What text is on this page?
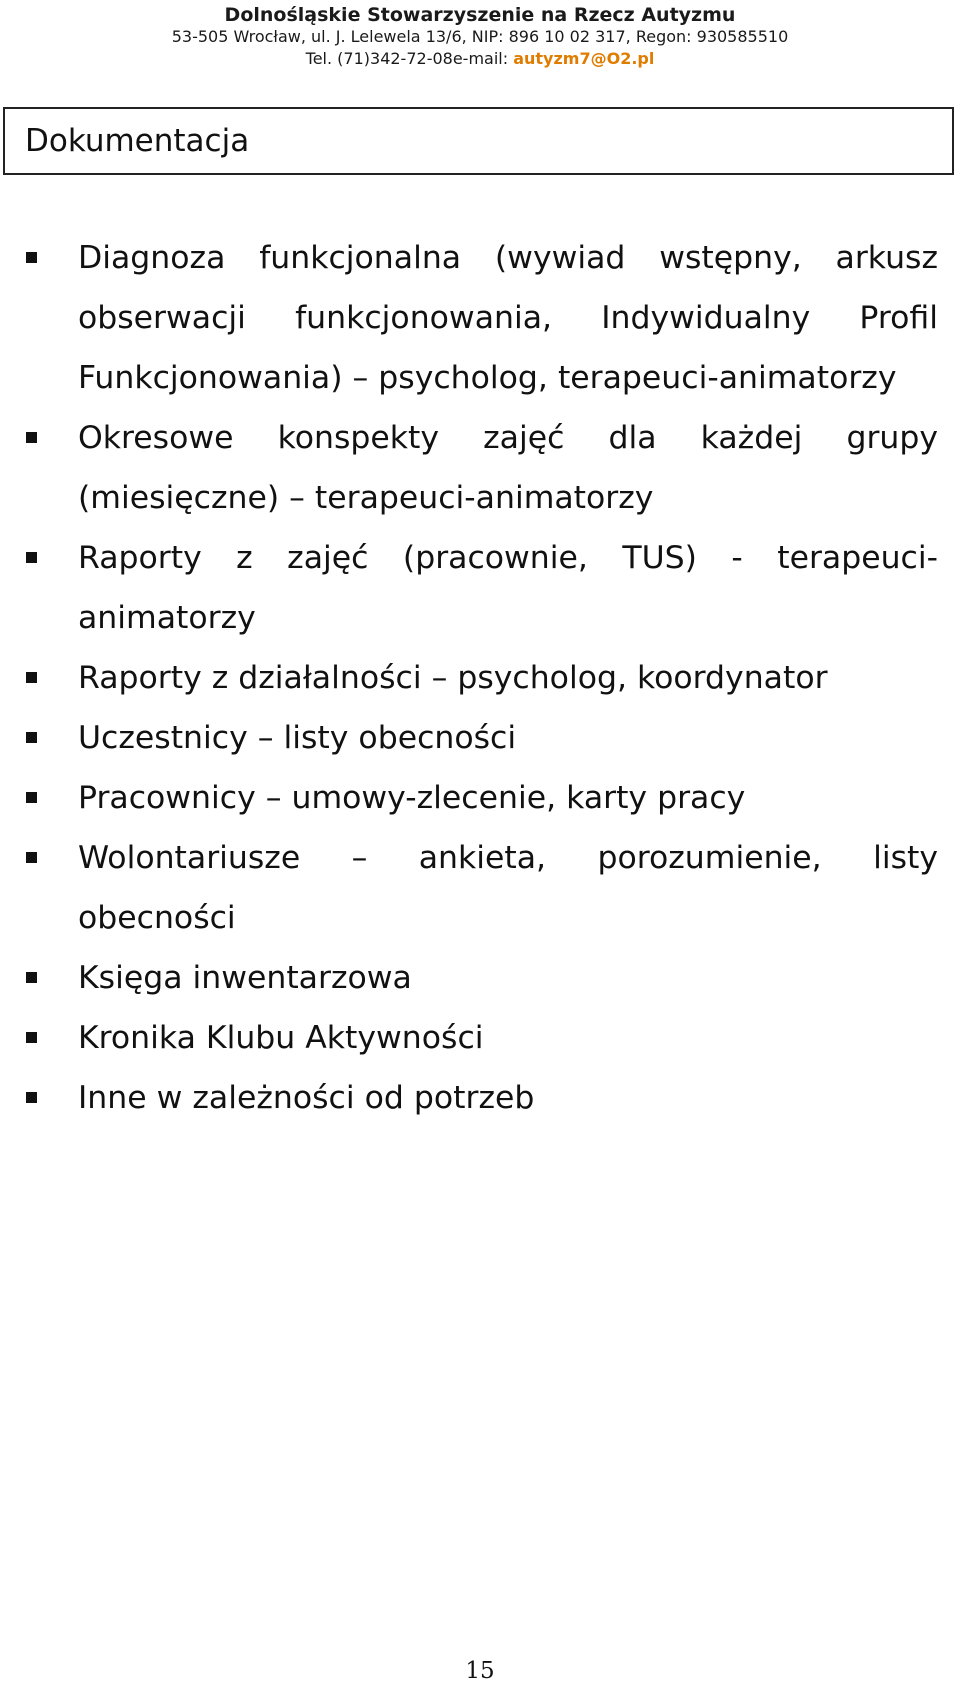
Dolnośląskie Stowarzyszenie na Rzecz Autyzmu
53-505 Wrocław, ul. J. Lelewela 13/6, NIP: 896 10 02 317, Regon: 930585510
Tel. (71)342-72-08e-mail: autyzm7@O2.pl
Dokumentacja
Diagnoza funkcjonalna (wywiad wstępny, arkusz obserwacji funkcjonowania, Indywidualny Profil Funkcjonowania) – psycholog, terapeuci-animatorzy
Okresowe konspekty zajęć dla każdej grupy (miesięczne) – terapeuci-animatorzy
Raporty z zajęć (pracownie, TUS) - terapeuci-animatorzy
Raporty z działalności – psycholog, koordynator
Uczestnicy – listy obecności
Pracownicy – umowy-zlecenie, karty pracy
Wolontariusze – ankieta, porozumienie, listy obecności
Księga inwentarzowa
Kronika Klubu Aktywności
Inne w zależności od potrzeb
15
